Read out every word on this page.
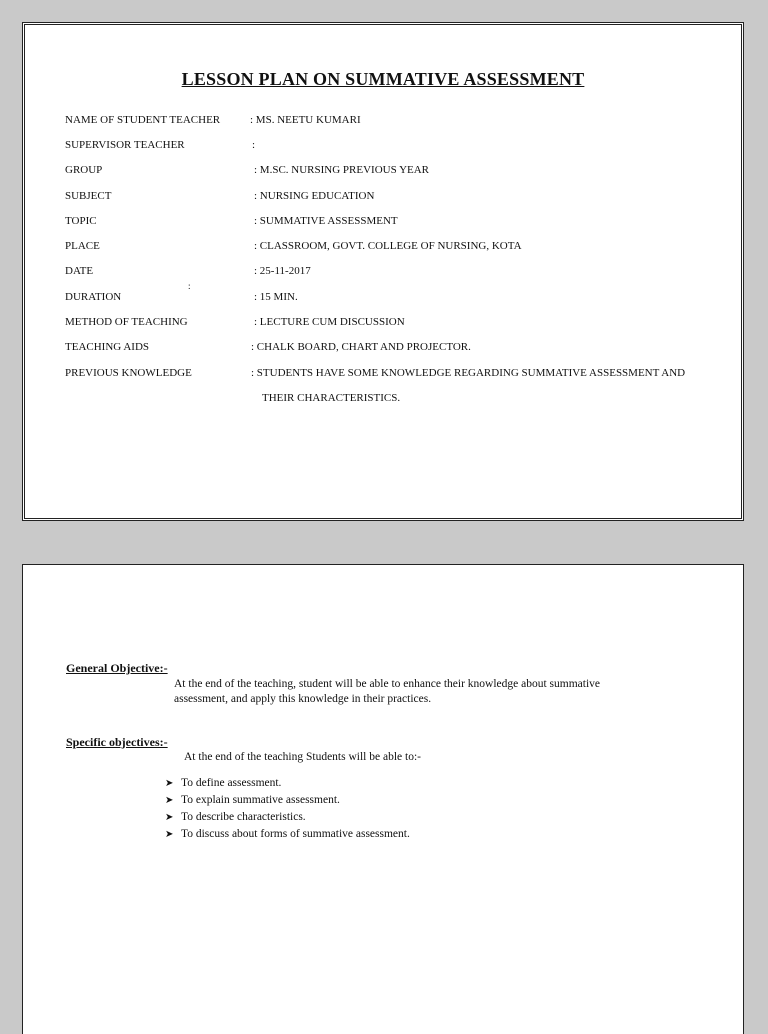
LESSON PLAN ON SUMMATIVE ASSESSMENT
NAME OF STUDENT TEACHER	: MS. NEETU KUMARI
SUPERVISOR TEACHER	:
GROUP	: M.SC. NURSING PREVIOUS YEAR
SUBJECT	: NURSING EDUCATION
TOPIC	: SUMMATIVE ASSESSMENT
PLACE	: CLASSROOM, GOVT. COLLEGE OF NURSING, KOTA
DATE	: 25-11-2017
DURATION	: 15 MIN.
:
METHOD OF TEACHING	: LECTURE CUM DISCUSSION
TEACHING AIDS	: CHALK BOARD, CHART AND PROJECTOR.
PREVIOUS KNOWLEDGE	: STUDENTS HAVE SOME KNOWLEDGE REGARDING SUMMATIVE ASSESSMENT AND
THEIR CHARACTERISTICS.
General Objective:-
At the end of the teaching, student will be able to enhance their knowledge about summative
assessment, and apply this knowledge in their practices.
Specific objectives:-
At the end of the teaching Students will be able to:-
➤ To define assessment.
➤ To explain summative assessment.
➤ To describe characteristics.
➤ To discuss about forms of summative assessment.
